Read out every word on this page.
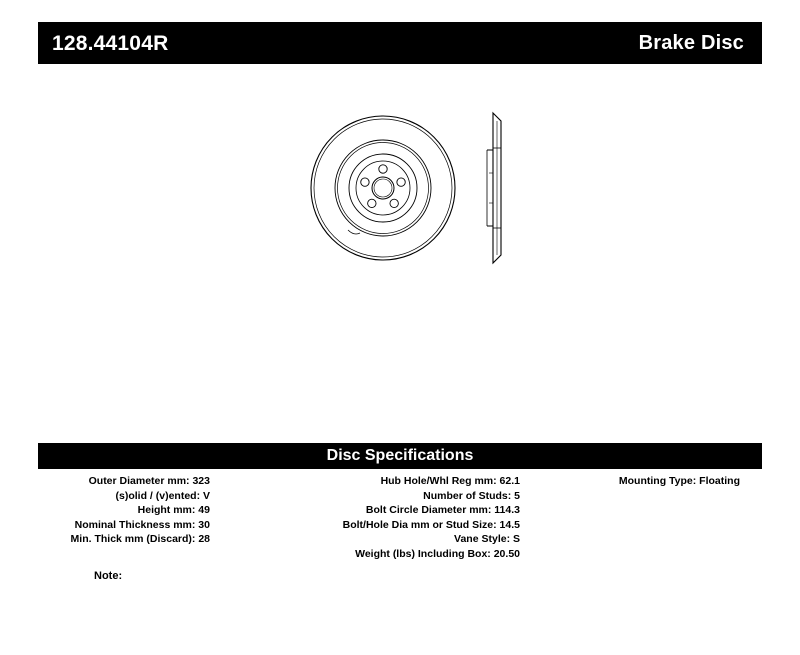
128.44104R	Brake Disc
Disc Specifications
Outer Diameter mm: 323
(s)olid / (v)ented: V
Height mm: 49
Nominal Thickness mm: 30
Min. Thick mm (Discard): 28
Hub Hole/Whl Reg mm: 62.1
Number of Studs: 5
Bolt Circle Diameter mm: 114.3
Bolt/Hole Dia mm or Stud Size: 14.5
Vane Style: S
Weight (lbs) Including Box: 20.50
Mounting Type: Floating
Note:
